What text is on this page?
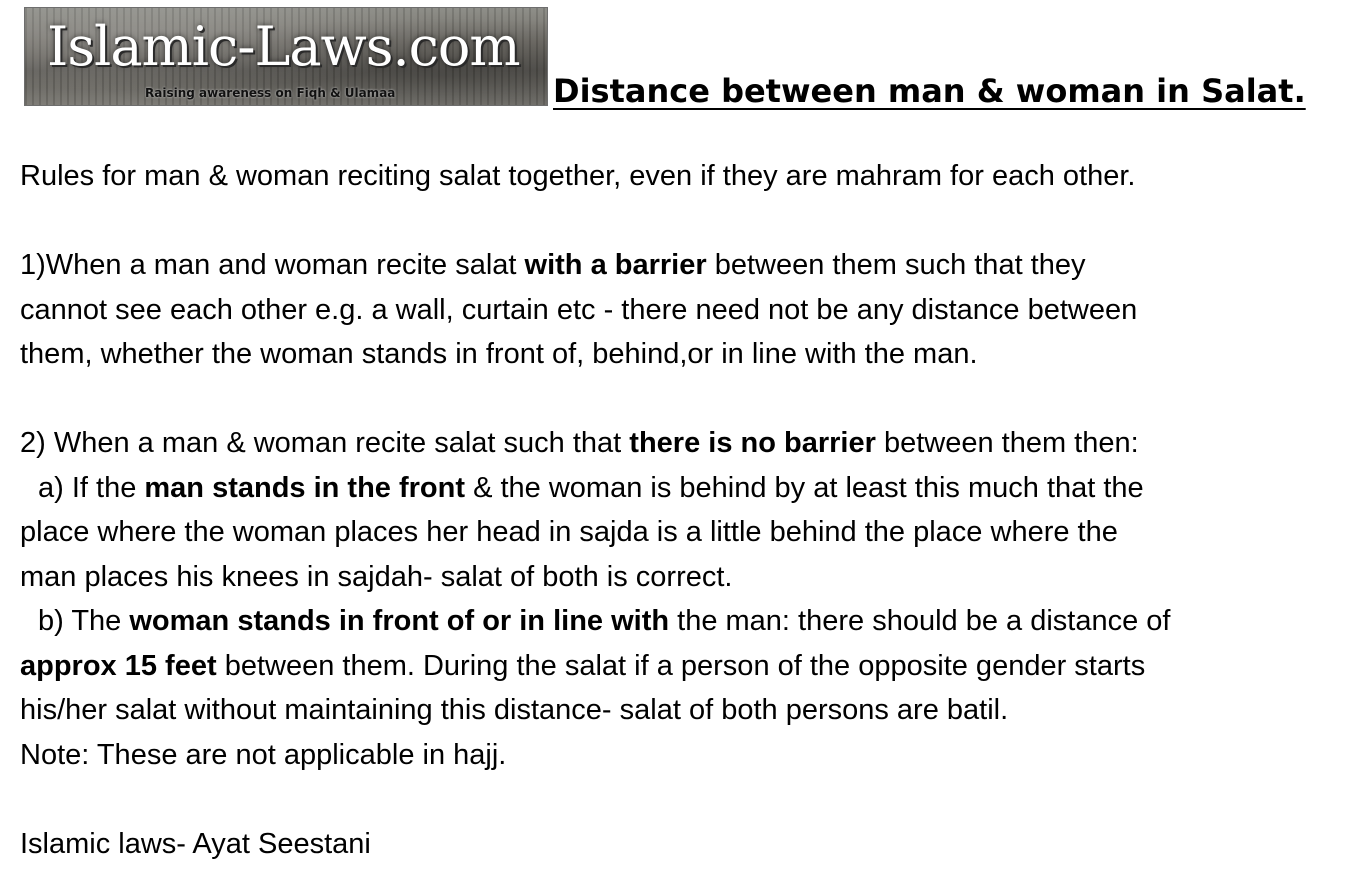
Islamic-Laws.com
Raising awareness on Fiqh & Ulamaa	Distance between man & woman in Salat.

Rules for man & woman reciting salat together, even if they are mahram for each other.

1)When a man and woman recite salat with a barrier between them such that they

cannot see each other e.g. a wall, curtain etc - there need not be any distance between

them, whether the woman stands in front of, behind,or in line with the man.

2) When a man & woman recite salat such that there is no barrier between them then:

a) If the man stands in the front & the woman is behind by at least this much that the

place where the woman places her head in sajda is a little behind the place where the

man places his knees in sajdah- salat of both is correct.

b) The woman stands in front of or in line with the man: there should be a distance of

approx 15 feet between them. During the salat if a person of the opposite gender starts

his/her salat without maintaining this distance- salat of both persons are batil.

Note: These are not applicable in hajj.

Islamic laws- Ayat Seestani
